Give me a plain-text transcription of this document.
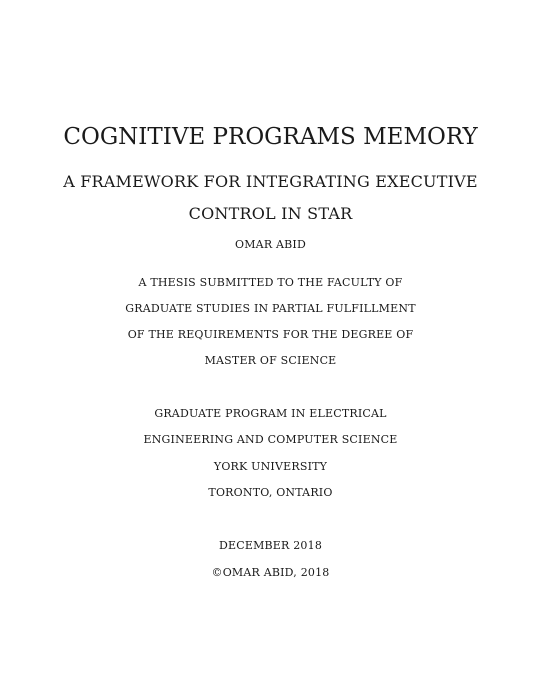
COGNITIVE PROGRAMS MEMORY
A FRAMEWORK FOR INTEGRATING EXECUTIVE
CONTROL IN STAR
OMAR ABID
A THESIS SUBMITTED TO THE FACULTY OF
GRADUATE STUDIES IN PARTIAL FULFILLMENT
OF THE REQUIREMENTS FOR THE DEGREE OF
MASTER OF SCIENCE
GRADUATE PROGRAM IN ELECTRICAL
ENGINEERING AND COMPUTER SCIENCE
YORK UNIVERSITY
TORONTO, ONTARIO
DECEMBER 2018
©OMAR ABID, 2018
